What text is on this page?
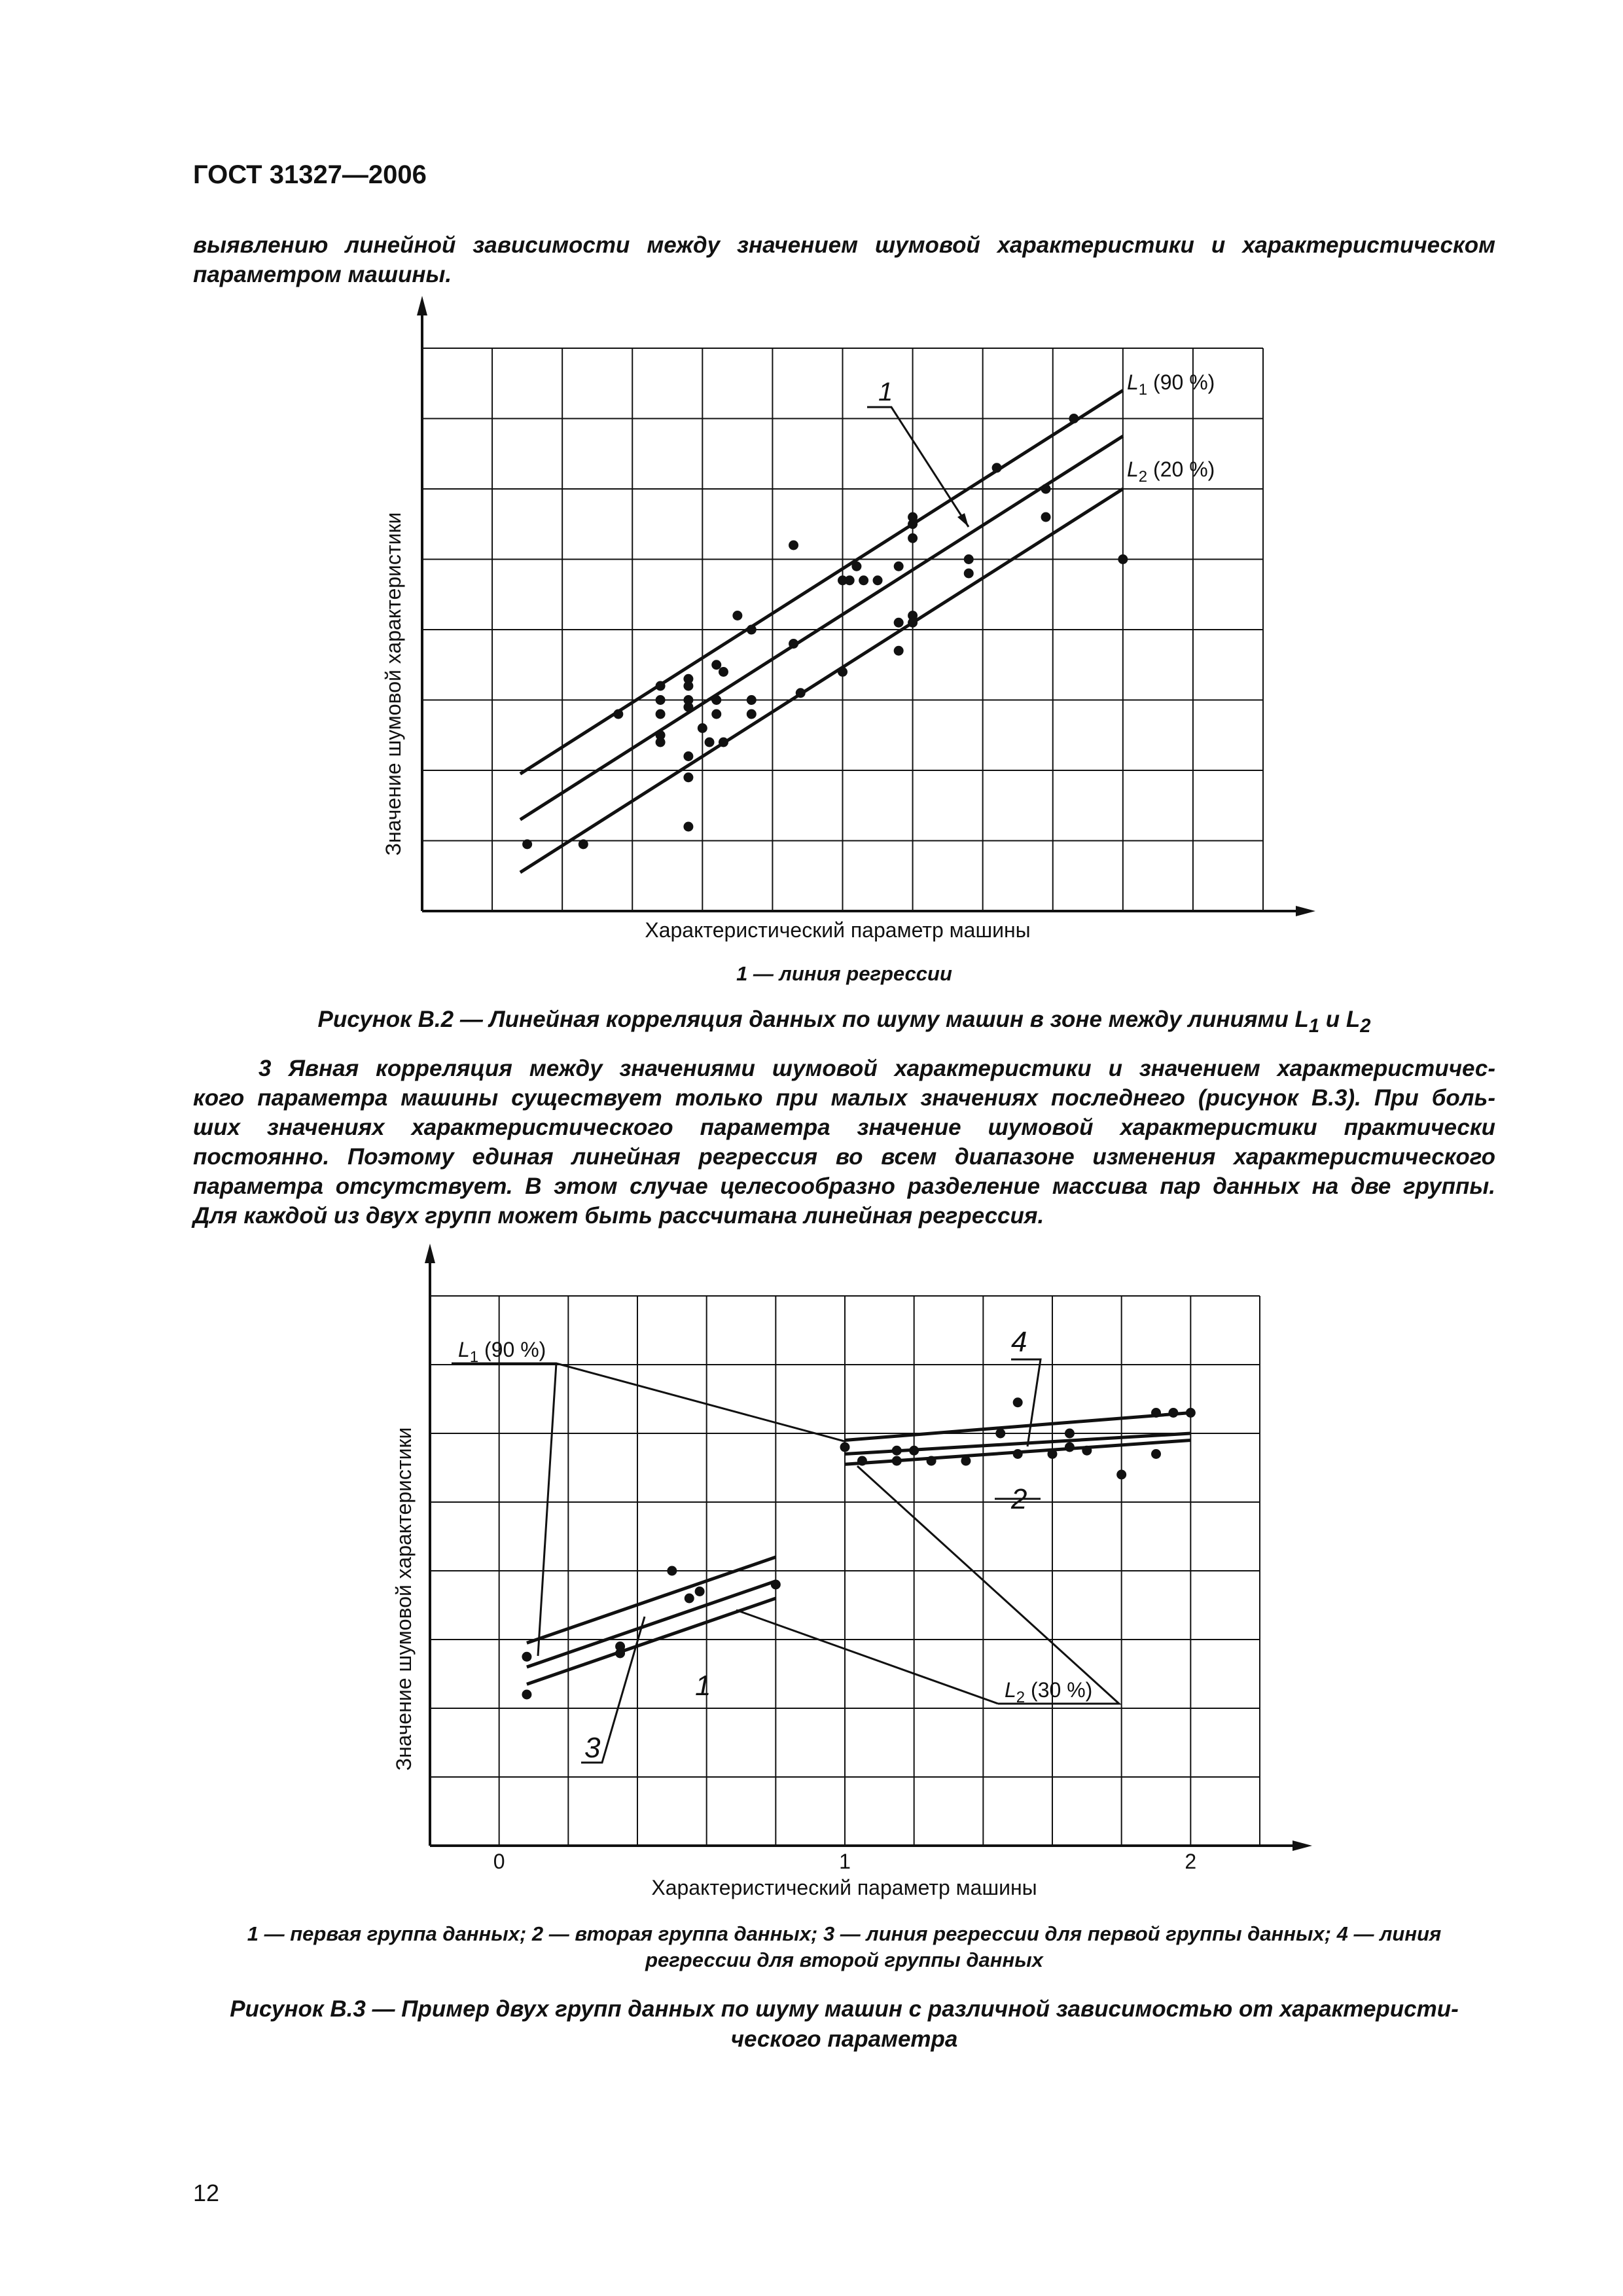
ГОСТ 31327—2006
выявлению линейной зависимости между значением шумовой характеристики и характеристическом параметром машины.
Значение шумовой характеристики
Характеристический параметр машины
1	$L_1$ (90 %)
$L_2$ (20 %)
1 — линия регрессии
Рисунок В.2 — Линейная корреляция данных по шуму машин в зоне между линиями $L_1$ и $L_2$
3 Явная корреляция между значениями шумовой характеристики и значением характеристичес-
кого параметра машины существует только при малых значениях последнего (рисунок В.3). При боль-
ших значениях характеристического параметра значение шумовой характеристики практически
постоянно. Поэтому единая линейная регрессия во всем диапазоне изменения характеристического
параметра отсутствует. В этом случае целесообразно разделение массива пар данных на две группы.
Для каждой из двух групп может быть рассчитана линейная регрессия.
0	1	2
Значение шумовой характеристики
Характеристический параметр машины
$L_1$ (90 %)	4
2
1
3
$L_2$ (30 %)
1 — первая группа данных; 2 — вторая группа данных; 3 — линия регрессии для первой группы данных; 4 — линия
регрессии для второй группы данных
Рисунок В.3 — Пример двух групп данных по шуму машин с различной зависимостью от характеристи-
ческого параметра
12
